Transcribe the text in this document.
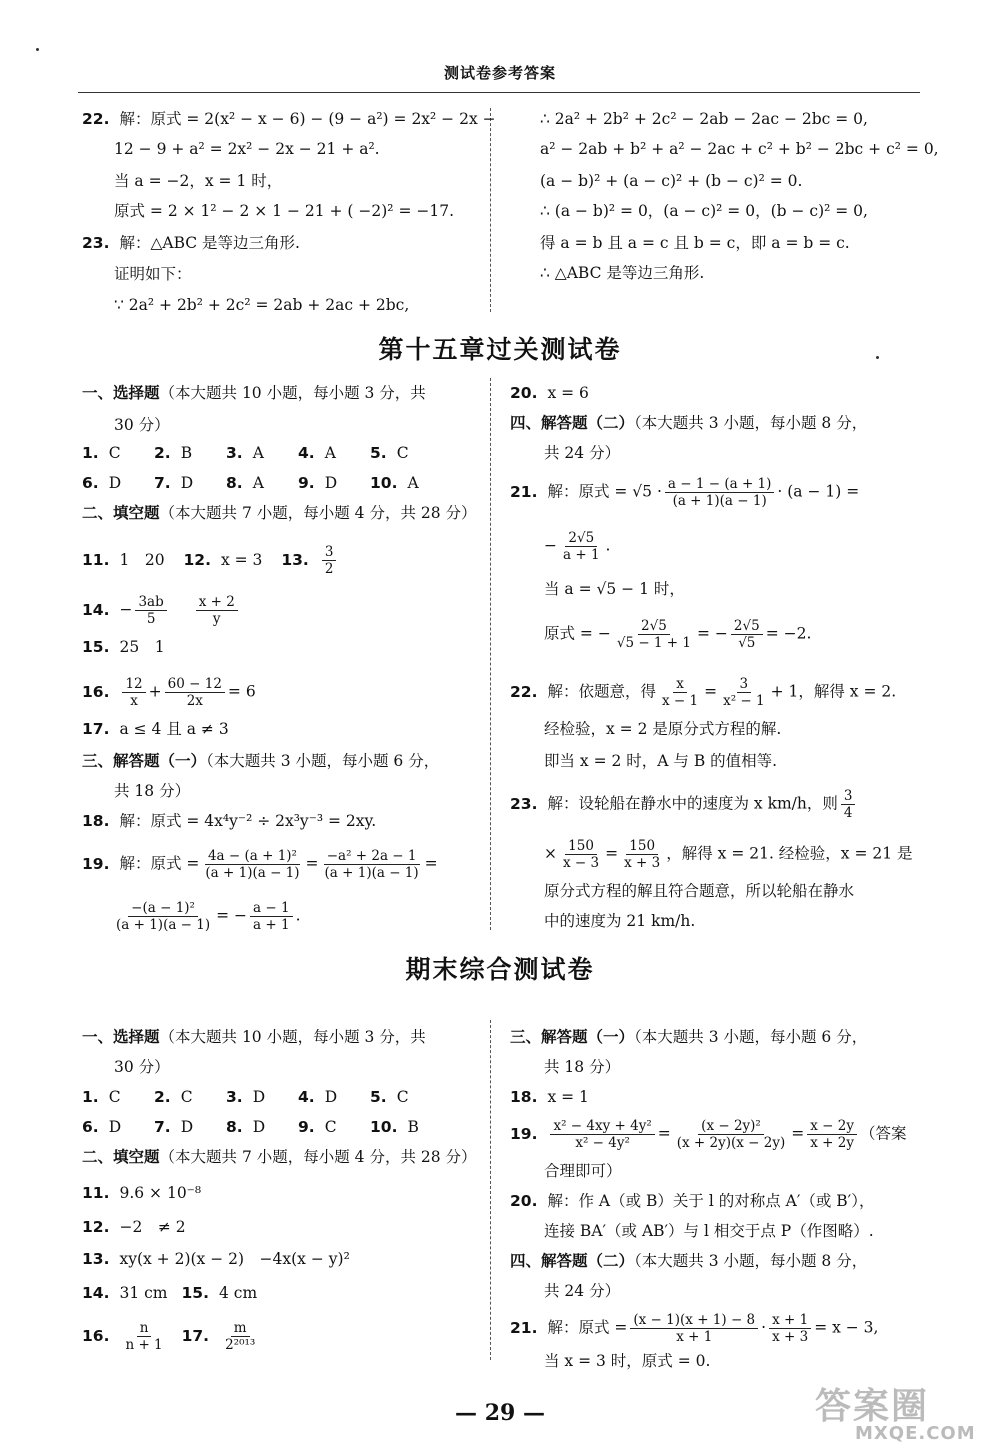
测试卷参考答案
22. 解：原式 = 2(x² − x − 6) − (9 − a²) = 2x² − 2x −
12 − 9 + a² = 2x² − 2x − 21 + a².
当 a = −2，x = 1 时，
原式 = 2 × 1² − 2 × 1 − 21 + ( −2)² = −17.
23. 解：△ABC 是等边三角形.
证明如下：
∵ 2a² + 2b² + 2c² = 2ab + 2ac + 2bc,
∴ 2a² + 2b² + 2c² − 2ab − 2ac − 2bc = 0,
a² − 2ab + b² + a² − 2ac + c² + b² − 2bc + c² = 0,
(a − b)² + (a − c)² + (b − c)² = 0.
∴ (a − b)² = 0，(a − c)² = 0，(b − c)² = 0,
得 a = b 且 a = c 且 b = c，即 a = b = c.
∴ △ABC 是等边三角形.
第十五章过关测试卷
一、选择题（本大题共 10 小题，每小题 3 分，共
30 分）
1. C 2. B 3. A 4. A 5. C
6. D 7. D 8. A 9. D 10. A
二、填空题（本大题共 7 小题，每小题 4 分，共 28 分）
11. 1　20 12. x = 3 13. $\frac{3}{2}$
14. − $\frac{3ab}{5}$
$\frac{x + 2}{y}$
15. 25　1
16. $\frac{12}{x} + \frac{60 - 12}{2x} = 6$
17. a ≤ 4 且 a ≠ 3
三、解答题（一）（本大题共 3 小题，每小题 6 分，
共 18 分）
18. 解：原式 = 4x⁴y⁻² ÷ 2x³y⁻³ = 2xy.
19. 解：原式 = $\frac{\text{4a − (a + 1)²}}{(a + 1)(a - 1)} = \frac{\text{−a² + 2a − 1}}{(a + 1)(a - 1)}$ =
$\frac{\text{−(a − 1)²}}{(a + 1)(a - 1)}$ = − $\frac{a - 1}{a + 1}$ .
20. x = 6
四、解答题（二）（本大题共 3 小题，每小题 8 分，
共 24 分）
21. 解：原式 = $√5 \cdot \frac{a - 1 - (a + 1)}{(a + 1)(a - 1)} \cdot (a - 1)$ =
− $\frac{2√5}{a + 1}$ .
当 a = √5 − 1 时，
原式 = − $\frac{2√5}{√5 - 1 + 1}$ = − $\frac{2√5}{√5} = -2$.
22. 解：依题意，得 $\frac{x}{x - 1} = \frac{3}{\text{x² − 1}} + 1$，解得 x = 2.
经检验，x = 2 是原分式方程的解.
即当 x = 2 时，A 与 B 的值相等.
23. 解：设轮船在静水中的速度为 x km/h，则 $\frac{3}{4}$
× $\frac{150}{x - 3} = \frac{150}{x + 3}$ ，解得 x = 21. 经检验，x = 21 是
原分式方程的解且符合题意，所以轮船在静水
中的速度为 21 km/h.
期末综合测试卷
一、选择题（本大题共 10 小题，每小题 3 分，共
30 分）
1. C 2. C 3. D 4. D 5. C
6. D 7. D 8. D 9. C 10. B
二、填空题（本大题共 7 小题，每小题 4 分，共 28 分）
11. 9.6 × 10⁻⁸
12. −2　≠ 2
13. xy(x + 2)(x − 2)　−4x(x − y)²
14. 31 cm 15. 4 cm
16. $\frac{n}{n + 1} 17$. $\frac{m}{\text{2²⁰¹³}}$
三、解答题（一）（本大题共 3 小题，每小题 6 分，
共 18 分）
18. x = 1
19. $\frac{\text{x² − 4xy + 4y²}}{\text{x² − 4y²}} = \frac{\text{(x − 2y)²}}{(x + 2y)(x - 2y)} = \frac{x - 2y}{x + 2y}$ （答案
合理即可）
20. 解：作 A（或 B）关于 l 的对称点 A′（或 B′），
连接 BA′（或 AB′）与 l 相交于点 P（作图略）.
四、解答题（二）（本大题共 3 小题，每小题 8 分，
共 24 分）
21. 解：原式 = $\frac{(x - 1)(x + 1) - 8}{x + 1} \cdot \frac{x + 1}{x + 3} = x - 3$,
当 x = 3 时，原式 = 0.
— 29 —	答案圈
MXQE.COM
